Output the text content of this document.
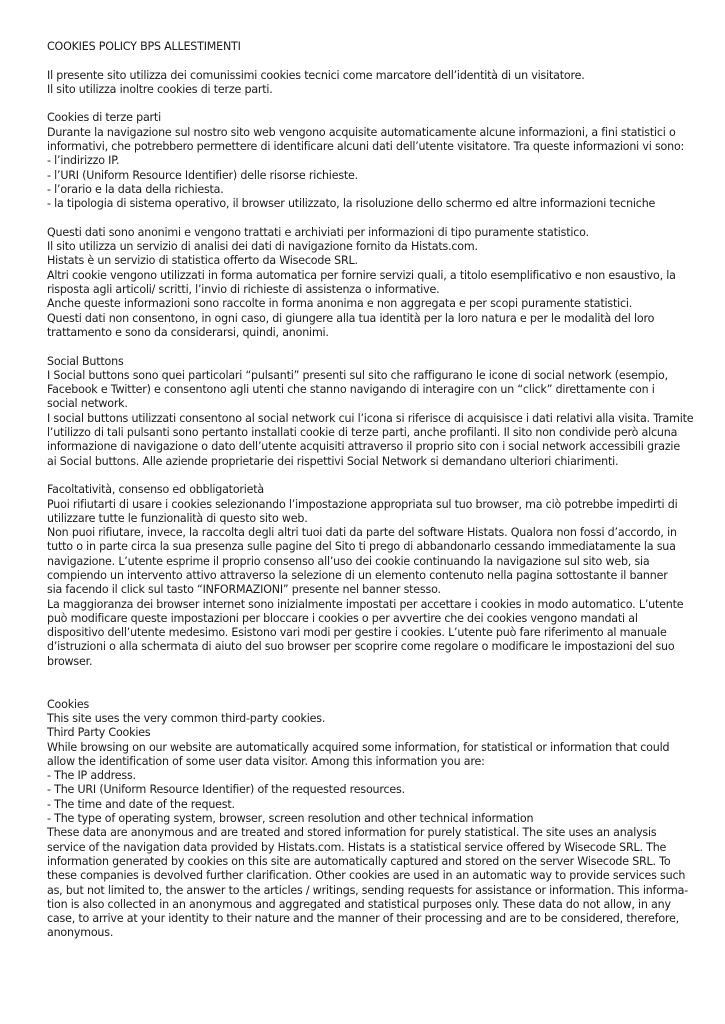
COOKIES POLICY BPS ALLESTIMENTI
Il presente sito utilizza dei comunissimi cookies tecnici come marcatore dell’identità di un visitatore.
Il sito utilizza inoltre cookies di terze parti.
Cookies di terze parti
Durante la navigazione sul nostro sito web vengono acquisite automaticamente alcune informazioni, a fini statistici o
informativi, che potrebbero permettere di identificare alcuni dati dell’utente visitatore. Tra queste informazioni vi sono:
- l’indirizzo IP.
- l’URI (Uniform Resource Identifier) delle risorse richieste.
- l’orario e la data della richiesta.
- la tipologia di sistema operativo, il browser utilizzato, la risoluzione dello schermo ed altre informazioni tecniche
Questi dati sono anonimi e vengono trattati e archiviati per informazioni di tipo puramente statistico.
Il sito utilizza un servizio di analisi dei dati di navigazione fornito da Histats.com.
Histats è un servizio di statistica offerto da Wisecode SRL.
Altri cookie vengono utilizzati in forma automatica per fornire servizi quali, a titolo esemplificativo e non esaustivo, la
risposta agli articoli/ scritti, l’invio di richieste di assistenza o informative.
Anche queste informazioni sono raccolte in forma anonima e non aggregata e per scopi puramente statistici.
Questi dati non consentono, in ogni caso, di giungere alla tua identità per la loro natura e per le modalità del loro
trattamento e sono da considerarsi, quindi, anonimi.
Social Buttons
I Social buttons sono quei particolari “pulsanti” presenti sul sito che raffigurano le icone di social network (esempio,
Facebook e Twitter) e consentono agli utenti che stanno navigando di interagire con un “click” direttamente con i
social network.
I social buttons utilizzati consentono al social network cui l’icona si riferisce di acquisisce i dati relativi alla visita. Tramite
l’utilizzo di tali pulsanti sono pertanto installati cookie di terze parti, anche profilanti. Il sito non condivide però alcuna
informazione di navigazione o dato dell’utente acquisiti attraverso il proprio sito con i social network accessibili grazie
ai Social buttons. Alle aziende proprietarie dei rispettivi Social Network si demandano ulteriori chiarimenti.
Facoltatività, consenso ed obbligatorietà
Puoi rifiutarti di usare i cookies selezionando l’impostazione appropriata sul tuo browser, ma ciò potrebbe impedirti di
utilizzare tutte le funzionalità di questo sito web.
Non puoi rifiutare, invece, la raccolta degli altri tuoi dati da parte del software Histats. Qualora non fossi d’accordo, in
tutto o in parte circa la sua presenza sulle pagine del Sito ti prego di abbandonarlo cessando immediatamente la sua
navigazione. L’utente esprime il proprio consenso all’uso dei cookie continuando la navigazione sul sito web, sia
compiendo un intervento attivo attraverso la selezione di un elemento contenuto nella pagina sottostante il banner
sia facendo il click sul tasto “INFORMAZIONI” presente nel banner stesso.
La maggioranza dei browser internet sono inizialmente impostati per accettare i cookies in modo automatico. L’utente
può modificare queste impostazioni per bloccare i cookies o per avvertire che dei cookies vengono mandati al
dispositivo dell’utente medesimo. Esistono vari modi per gestire i cookies. L’utente può fare riferimento al manuale
d’istruzioni o alla schermata di aiuto del suo browser per scoprire come regolare o modificare le impostazioni del suo
browser.
Cookies
This site uses the very common third-party cookies.
Third Party Cookies
While browsing on our website are automatically acquired some information, for statistical or information that could
allow the identification of some user data visitor. Among this information you are:
- The IP address.
- The URI (Uniform Resource Identifier) of the requested resources.
- The time and date of the request.
- The type of operating system, browser, screen resolution and other technical information
These data are anonymous and are treated and stored information for purely statistical. The site uses an analysis
service of the navigation data provided by Histats.com. Histats is a statistical service offered by Wisecode SRL. The
information generated by cookies on this site are automatically captured and stored on the server Wisecode SRL. To
these companies is devolved further clarification. Other cookies are used in an automatic way to provide services such
as, but not limited to, the answer to the articles / writings, sending requests for assistance or information. This informa-
tion is also collected in an anonymous and aggregated and statistical purposes only. These data do not allow, in any
case, to arrive at your identity to their nature and the manner of their processing and are to be considered, therefore,
anonymous.
